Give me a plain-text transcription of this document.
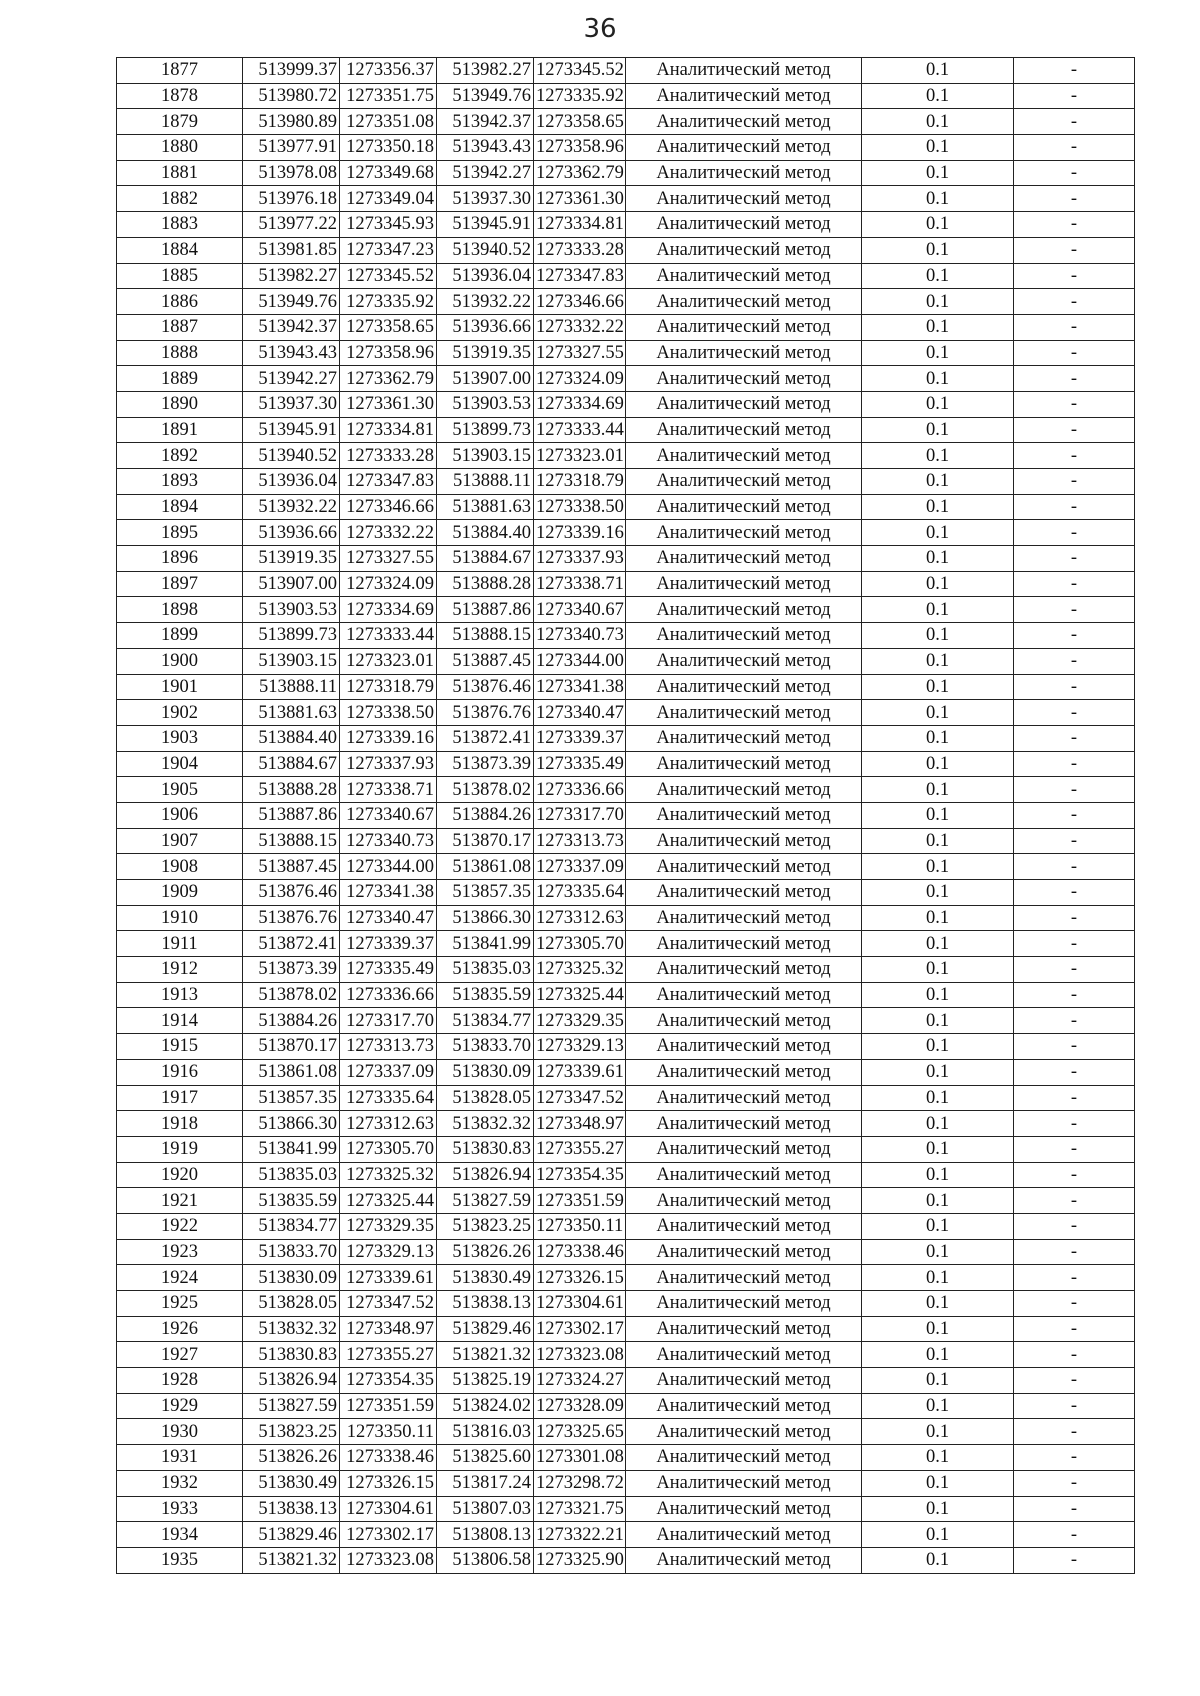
36
1877	513999.37	1273356.37	513982.27	1273345.52	Аналитический метод	0.1	-
1878	513980.72	1273351.75	513949.76	1273335.92	Аналитический метод	0.1	-
1879	513980.89	1273351.08	513942.37	1273358.65	Аналитический метод	0.1	-
1880	513977.91	1273350.18	513943.43	1273358.96	Аналитический метод	0.1	-
1881	513978.08	1273349.68	513942.27	1273362.79	Аналитический метод	0.1	-
1882	513976.18	1273349.04	513937.30	1273361.30	Аналитический метод	0.1	-
1883	513977.22	1273345.93	513945.91	1273334.81	Аналитический метод	0.1	-
1884	513981.85	1273347.23	513940.52	1273333.28	Аналитический метод	0.1	-
1885	513982.27	1273345.52	513936.04	1273347.83	Аналитический метод	0.1	-
1886	513949.76	1273335.92	513932.22	1273346.66	Аналитический метод	0.1	-
1887	513942.37	1273358.65	513936.66	1273332.22	Аналитический метод	0.1	-
1888	513943.43	1273358.96	513919.35	1273327.55	Аналитический метод	0.1	-
1889	513942.27	1273362.79	513907.00	1273324.09	Аналитический метод	0.1	-
1890	513937.30	1273361.30	513903.53	1273334.69	Аналитический метод	0.1	-
1891	513945.91	1273334.81	513899.73	1273333.44	Аналитический метод	0.1	-
1892	513940.52	1273333.28	513903.15	1273323.01	Аналитический метод	0.1	-
1893	513936.04	1273347.83	513888.11	1273318.79	Аналитический метод	0.1	-
1894	513932.22	1273346.66	513881.63	1273338.50	Аналитический метод	0.1	-
1895	513936.66	1273332.22	513884.40	1273339.16	Аналитический метод	0.1	-
1896	513919.35	1273327.55	513884.67	1273337.93	Аналитический метод	0.1	-
1897	513907.00	1273324.09	513888.28	1273338.71	Аналитический метод	0.1	-
1898	513903.53	1273334.69	513887.86	1273340.67	Аналитический метод	0.1	-
1899	513899.73	1273333.44	513888.15	1273340.73	Аналитический метод	0.1	-
1900	513903.15	1273323.01	513887.45	1273344.00	Аналитический метод	0.1	-
1901	513888.11	1273318.79	513876.46	1273341.38	Аналитический метод	0.1	-
1902	513881.63	1273338.50	513876.76	1273340.47	Аналитический метод	0.1	-
1903	513884.40	1273339.16	513872.41	1273339.37	Аналитический метод	0.1	-
1904	513884.67	1273337.93	513873.39	1273335.49	Аналитический метод	0.1	-
1905	513888.28	1273338.71	513878.02	1273336.66	Аналитический метод	0.1	-
1906	513887.86	1273340.67	513884.26	1273317.70	Аналитический метод	0.1	-
1907	513888.15	1273340.73	513870.17	1273313.73	Аналитический метод	0.1	-
1908	513887.45	1273344.00	513861.08	1273337.09	Аналитический метод	0.1	-
1909	513876.46	1273341.38	513857.35	1273335.64	Аналитический метод	0.1	-
1910	513876.76	1273340.47	513866.30	1273312.63	Аналитический метод	0.1	-
1911	513872.41	1273339.37	513841.99	1273305.70	Аналитический метод	0.1	-
1912	513873.39	1273335.49	513835.03	1273325.32	Аналитический метод	0.1	-
1913	513878.02	1273336.66	513835.59	1273325.44	Аналитический метод	0.1	-
1914	513884.26	1273317.70	513834.77	1273329.35	Аналитический метод	0.1	-
1915	513870.17	1273313.73	513833.70	1273329.13	Аналитический метод	0.1	-
1916	513861.08	1273337.09	513830.09	1273339.61	Аналитический метод	0.1	-
1917	513857.35	1273335.64	513828.05	1273347.52	Аналитический метод	0.1	-
1918	513866.30	1273312.63	513832.32	1273348.97	Аналитический метод	0.1	-
1919	513841.99	1273305.70	513830.83	1273355.27	Аналитический метод	0.1	-
1920	513835.03	1273325.32	513826.94	1273354.35	Аналитический метод	0.1	-
1921	513835.59	1273325.44	513827.59	1273351.59	Аналитический метод	0.1	-
1922	513834.77	1273329.35	513823.25	1273350.11	Аналитический метод	0.1	-
1923	513833.70	1273329.13	513826.26	1273338.46	Аналитический метод	0.1	-
1924	513830.09	1273339.61	513830.49	1273326.15	Аналитический метод	0.1	-
1925	513828.05	1273347.52	513838.13	1273304.61	Аналитический метод	0.1	-
1926	513832.32	1273348.97	513829.46	1273302.17	Аналитический метод	0.1	-
1927	513830.83	1273355.27	513821.32	1273323.08	Аналитический метод	0.1	-
1928	513826.94	1273354.35	513825.19	1273324.27	Аналитический метод	0.1	-
1929	513827.59	1273351.59	513824.02	1273328.09	Аналитический метод	0.1	-
1930	513823.25	1273350.11	513816.03	1273325.65	Аналитический метод	0.1	-
1931	513826.26	1273338.46	513825.60	1273301.08	Аналитический метод	0.1	-
1932	513830.49	1273326.15	513817.24	1273298.72	Аналитический метод	0.1	-
1933	513838.13	1273304.61	513807.03	1273321.75	Аналитический метод	0.1	-
1934	513829.46	1273302.17	513808.13	1273322.21	Аналитический метод	0.1	-
1935	513821.32	1273323.08	513806.58	1273325.90	Аналитический метод	0.1	-
